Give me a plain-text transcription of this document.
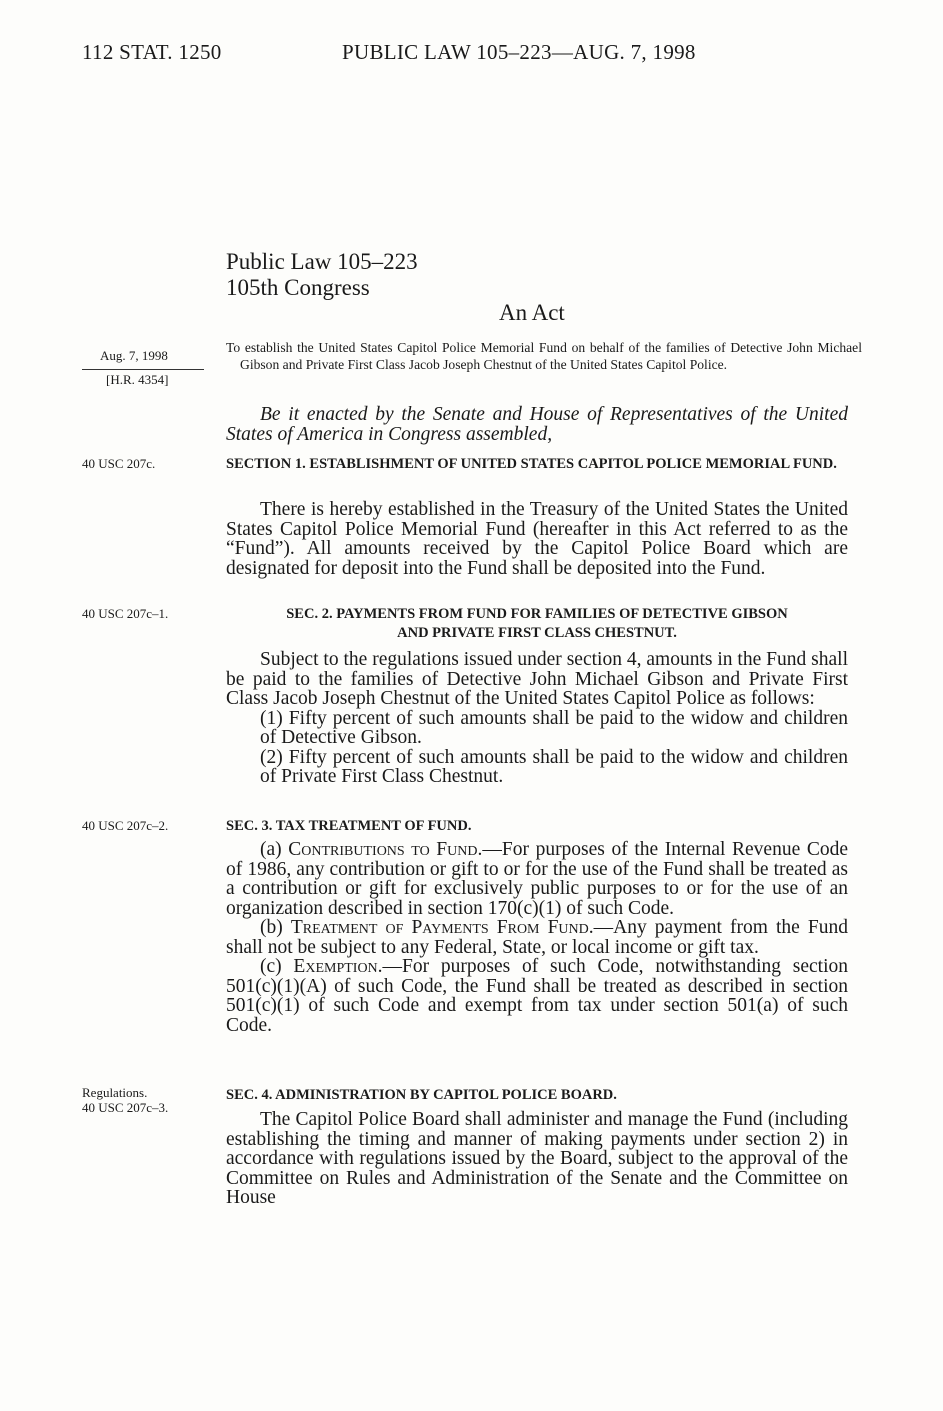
112 STAT. 1250	PUBLIC LAW 105–223—AUG. 7, 1998
Public Law 105–223
105th Congress
An Act
Aug. 7, 1998
[H.R. 4354]
40 USC 207c.
40 USC 207c–1.
40 USC 207c–2.
Regulations.
40 USC 207c–3.
To establish the United States Capitol Police Memorial Fund on behalf of the families of Detective John Michael Gibson and Private First Class Jacob Joseph Chestnut of the United States Capitol Police.
Be it enacted by the Senate and House of Representatives of the United States of America in Congress assembled,
SECTION 1. ESTABLISHMENT OF UNITED STATES CAPITOL POLICE MEMORIAL FUND.
There is hereby established in the Treasury of the United States the United States Capitol Police Memorial Fund (hereafter in this Act referred to as the “Fund”). All amounts received by the Capitol Police Board which are designated for deposit into the Fund shall be deposited into the Fund.
SEC. 2. PAYMENTS FROM FUND FOR FAMILIES OF DETECTIVE GIBSON
AND PRIVATE FIRST CLASS CHESTNUT.

Subject to the regulations issued under section 4, amounts in the Fund shall be paid to the families of Detective John Michael Gibson and Private First Class Jacob Joseph Chestnut of the United States Capitol Police as follows:

(1) Fifty percent of such amounts shall be paid to the widow and children of Detective Gibson.

(2) Fifty percent of such amounts shall be paid to the widow and children of Private First Class Chestnut.

SEC. 3. TAX TREATMENT OF FUND.

(a) Contributions to Fund.—For purposes of the Internal Revenue Code of 1986, any contribution or gift to or for the use of the Fund shall be treated as a contribution or gift for exclusively public purposes to or for the use of an organization described in section 170(c)(1) of such Code.

(b) Treatment of Payments From Fund.—Any payment from the Fund shall not be subject to any Federal, State, or local income or gift tax.

(c) Exemption.—For purposes of such Code, notwithstanding section 501(c)(1)(A) of such Code, the Fund shall be treated as described in section 501(c)(1) of such Code and exempt from tax under section 501(a) of such Code.

SEC. 4. ADMINISTRATION BY CAPITOL POLICE BOARD.
The Capitol Police Board shall administer and manage the Fund (including establishing the timing and manner of making payments under section 2) in accordance with regulations issued by the Board, subject to the approval of the Committee on Rules and Administration of the Senate and the Committee on House
